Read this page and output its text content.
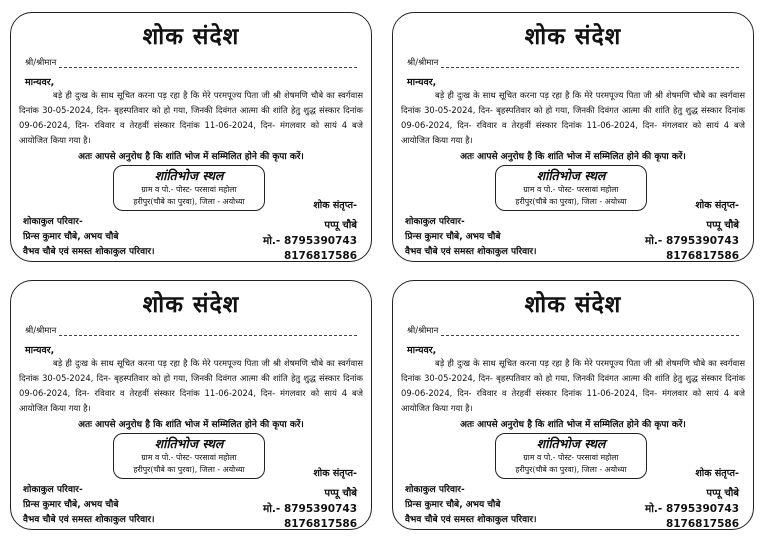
शोक संदेश
श्री/श्रीमान
मान्यवर,
बड़े ही दुःख के साथ सूचित करना पड़ रहा है कि मेरे परमपूज्य पिता जी श्री शेषमणि चौबे का स्वर्गवास दिनांक 30-05-2024, दिन- बृहस्पतिवार को हो गया, जिनकी दिवंगत आत्मा की शांति हेतु शुद्ध संस्कार दिनांक 09-06-2024, दिन- रविवार व तेरहवीं संस्कार दिनांक 11-06-2024, दिन- मंगलवार को सायं 4 बजे आयोजित किया गया है।
अतः आपसे अनुरोध है कि शांति भोज में सम्मिलित होने की कृपा करें।
शांतिभोज स्थल
ग्राम व पो.- पोस्ट- परसावां महोला
हरीपुर(चौबे का पुरवा), जिला - अयोध्या
शोकाकुल परिवार-
प्रिन्स कुमार चौबे, अभय चौबे
वैभव चौबे एवं समस्त शोकाकुल परिवार।
शोक संतृप्त-
पप्पू चौबे
मो.- 8795390743
8176817586
शोक संदेश
श्री/श्रीमान
मान्यवर,
बड़े ही दुःख के साथ सूचित करना पड़ रहा है कि मेरे परमपूज्य पिता जी श्री शेषमणि चौबे का स्वर्गवास दिनांक 30-05-2024, दिन- बृहस्पतिवार को हो गया, जिनकी दिवंगत आत्मा की शांति हेतु शुद्ध संस्कार दिनांक 09-06-2024, दिन- रविवार व तेरहवीं संस्कार दिनांक 11-06-2024, दिन- मंगलवार को सायं 4 बजे आयोजित किया गया है।
अतः आपसे अनुरोध है कि शांति भोज में सम्मिलित होने की कृपा करें।
शांतिभोज स्थल
ग्राम व पो.- पोस्ट- परसावां महोला
हरीपुर(चौबे का पुरवा), जिला - अयोध्या
शोकाकुल परिवार-
प्रिन्स कुमार चौबे, अभय चौबे
वैभव चौबे एवं समस्त शोकाकुल परिवार।
शोक संतृप्त-
पप्पू चौबे
मो.- 8795390743
8176817586
शोक संदेश
श्री/श्रीमान
मान्यवर,
बड़े ही दुःख के साथ सूचित करना पड़ रहा है कि मेरे परमपूज्य पिता जी श्री शेषमणि चौबे का स्वर्गवास दिनांक 30-05-2024, दिन- बृहस्पतिवार को हो गया, जिनकी दिवंगत आत्मा की शांति हेतु शुद्ध संस्कार दिनांक 09-06-2024, दिन- रविवार व तेरहवीं संस्कार दिनांक 11-06-2024, दिन- मंगलवार को सायं 4 बजे आयोजित किया गया है।
अतः आपसे अनुरोध है कि शांति भोज में सम्मिलित होने की कृपा करें।
शांतिभोज स्थल
ग्राम व पो.- पोस्ट- परसावां महोला
हरीपुर(चौबे का पुरवा), जिला - अयोध्या
शोकाकुल परिवार-
प्रिन्स कुमार चौबे, अभय चौबे
वैभव चौबे एवं समस्त शोकाकुल परिवार।
शोक संतृप्त-
पप्पू चौबे
मो.- 8795390743
8176817586
शोक संदेश
श्री/श्रीमान
मान्यवर,
बड़े ही दुःख के साथ सूचित करना पड़ रहा है कि मेरे परमपूज्य पिता जी श्री शेषमणि चौबे का स्वर्गवास दिनांक 30-05-2024, दिन- बृहस्पतिवार को हो गया, जिनकी दिवंगत आत्मा की शांति हेतु शुद्ध संस्कार दिनांक 09-06-2024, दिन- रविवार व तेरहवीं संस्कार दिनांक 11-06-2024, दिन- मंगलवार को सायं 4 बजे आयोजित किया गया है।
अतः आपसे अनुरोध है कि शांति भोज में सम्मिलित होने की कृपा करें।
शांतिभोज स्थल
ग्राम व पो.- पोस्ट- परसावां महोला
हरीपुर(चौबे का पुरवा), जिला - अयोध्या
शोकाकुल परिवार-
प्रिन्स कुमार चौबे, अभय चौबे
वैभव चौबे एवं समस्त शोकाकुल परिवार।
शोक संतृप्त-
पप्पू चौबे
मो.- 8795390743
8176817586
